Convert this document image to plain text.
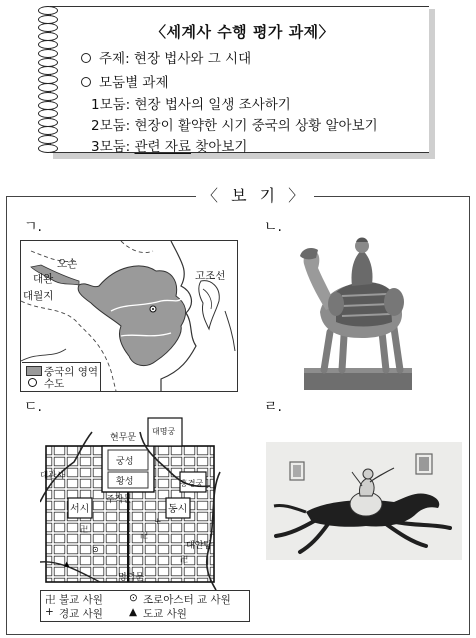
〈세계사 수행 평가 과제〉
주제: 현장 법사와 그 시대
모둠별 과제
1모둠: 현장 법사의 일생 조사하기
2모둠: 현장이 활약한 시기 중국의 상황 알아보기
3모둠: 관련 자료 찾아보기
〈 보 기 〉
ㄱ.	ㄴ.
ㄷ.	ㄹ.
오손
대완
대월지
고조선
중국의 영역
수도
현무문
대명궁
궁성
대관사
황성	흥경궁
주작문
서시	동시
대안탑
명덕문
卍
卍
卍
⊙
+
▲
卍 불교 사원 ⊙ 조로아스터 교 사원
+ 경교 사원 ▲ 도교 사원
